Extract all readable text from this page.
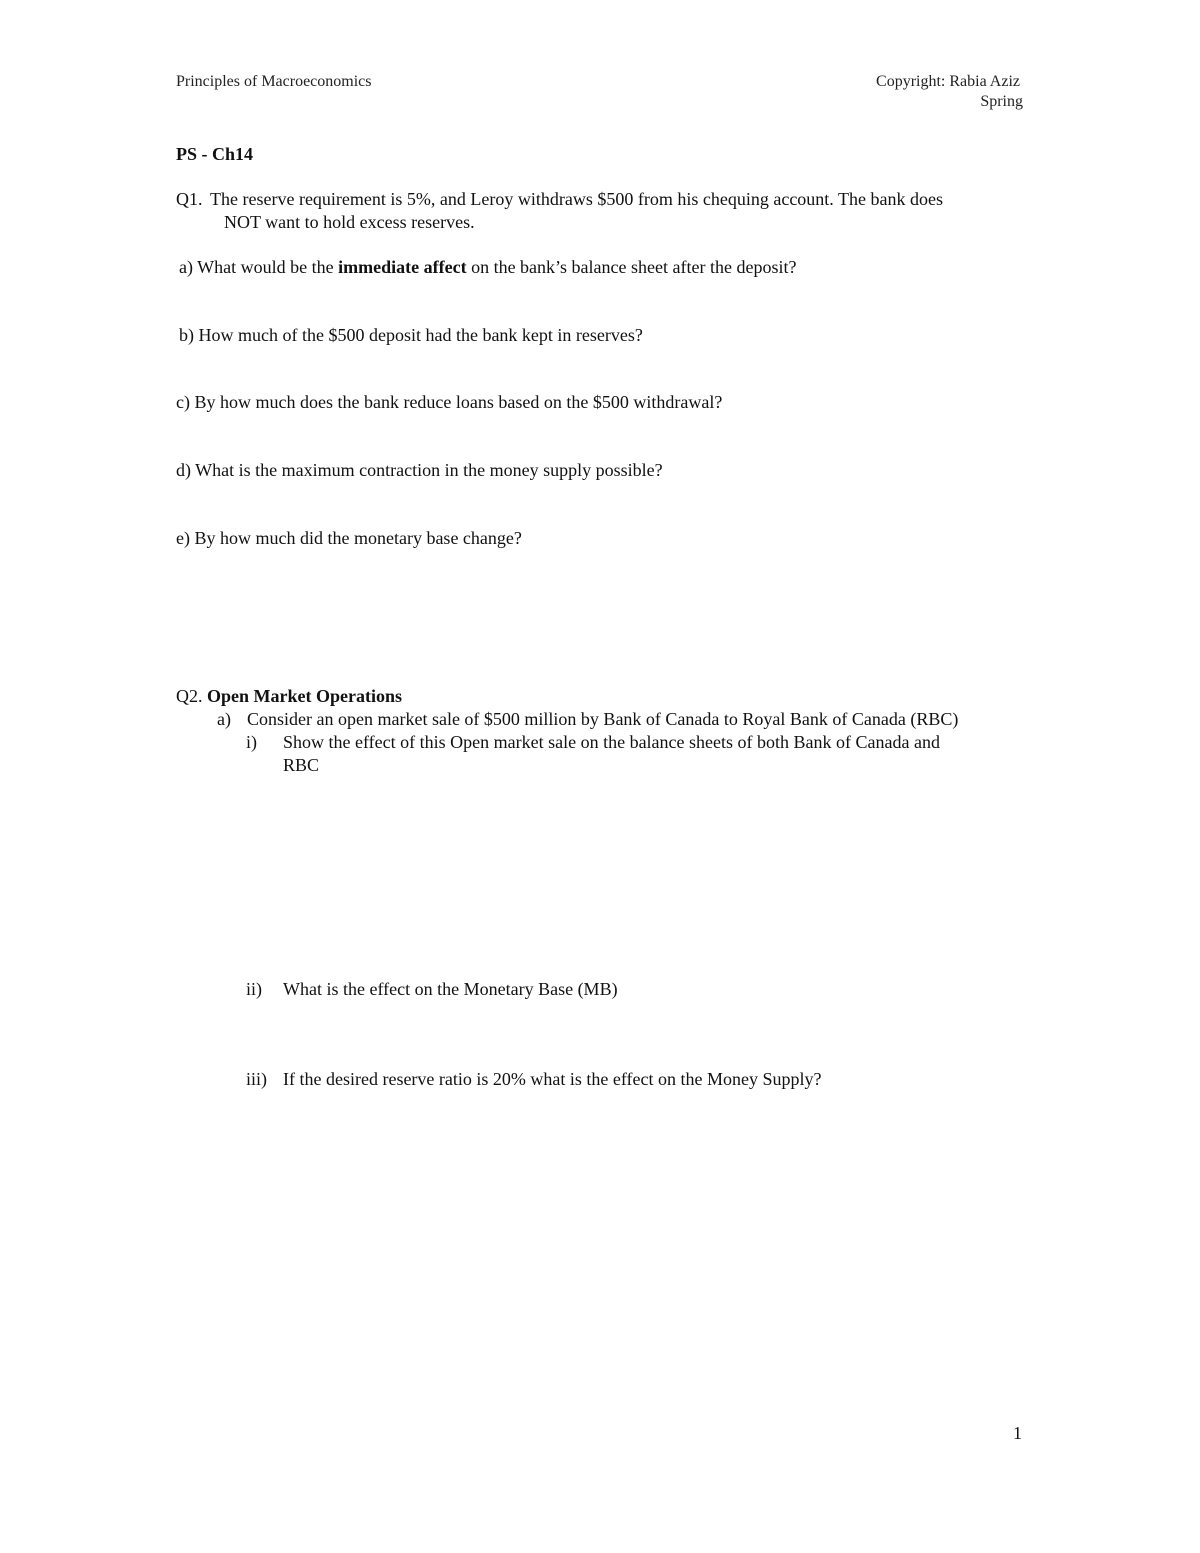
Principles of Macroeconomics	Copyright: Rabia Aziz
Spring
PS - Ch14
Q1. The reserve requirement is 5%, and Leroy withdraws $500 from his chequing account. The bank does
NOT want to hold excess reserves.
a) What would be the immediate affect on the bank’s balance sheet after the deposit?
b) How much of the $500 deposit had the bank kept in reserves?
c) By how much does the bank reduce loans based on the $500 withdrawal?
d) What is the maximum contraction in the money supply possible?
e) By how much did the monetary base change?
Q2. Open Market Operations
a) Consider an open market sale of $500 million by Bank of Canada to Royal Bank of Canada (RBC)
i) Show the effect of this Open market sale on the balance sheets of both Bank of Canada and
RBC
ii) What is the effect on the Monetary Base (MB)
iii) If the desired reserve ratio is 20% what is the effect on the Money Supply?
1
